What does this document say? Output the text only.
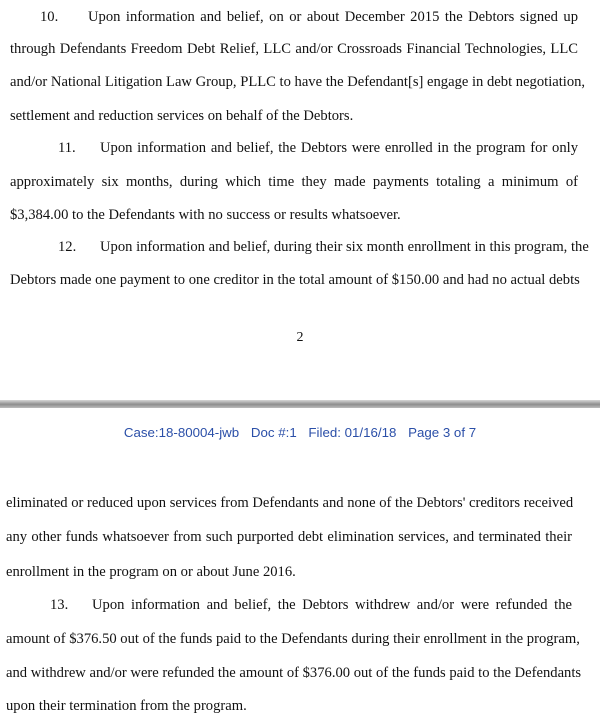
10. Upon information and belief, on or about December 2015 the Debtors signed up
through Defendants Freedom Debt Relief, LLC and/or Crossroads Financial Technologies, LLC
and/or National Litigation Law Group, PLLC to have the Defendant[s] engage in debt negotiation,
settlement and reduction services on behalf of the Debtors.
11. Upon information and belief, the Debtors were enrolled in the program for only
approximately six months, during which time they made payments totaling a minimum of
$3,384.00 to the Defendants with no success or results whatsoever.
12. Upon information and belief, during their six month enrollment in this program, the
Debtors made one payment to one creditor in the total amount of $150.00 and had no actual debts
2
Case:18-80004-jwb Doc #:1 Filed: 01/16/18 Page 3 of 7
eliminated or reduced upon services from Defendants and none of the Debtors' creditors received
any other funds whatsoever from such purported debt elimination services, and terminated their
enrollment in the program on or about June 2016.
13. Upon information and belief, the Debtors withdrew and/or were refunded the
amount of $376.50 out of the funds paid to the Defendants during their enrollment in the program,
and withdrew and/or were refunded the amount of $376.00 out of the funds paid to the Defendants
upon their termination from the program.
